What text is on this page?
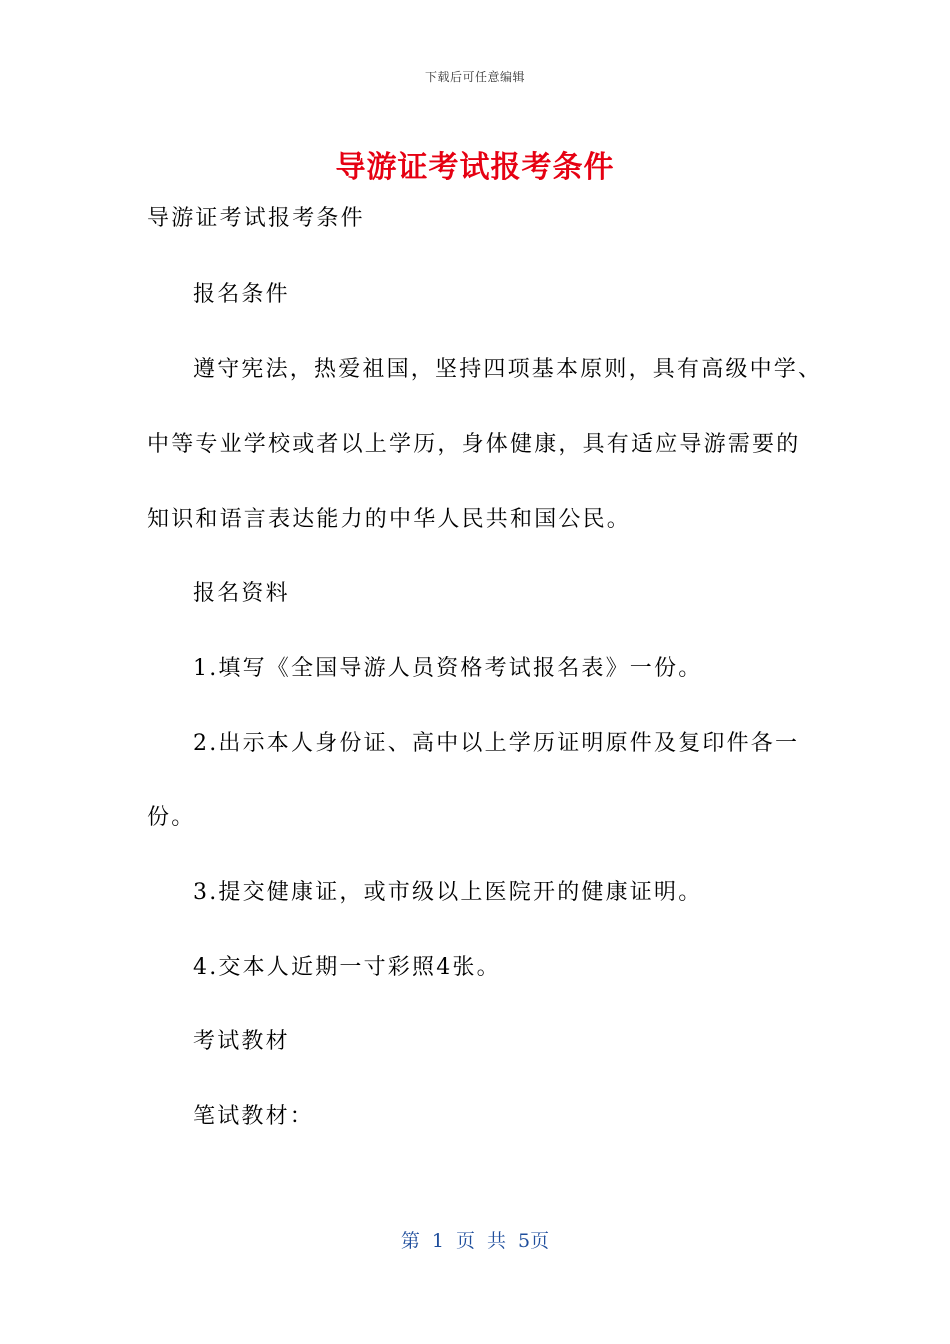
下载后可任意编辑
导游证考试报考条件
导游证考试报考条件
报名条件
遵守宪法，热爱祖国，坚持四项基本原则，具有高级中学、
中等专业学校或者以上学历，身体健康，具有适应导游需要的
知识和语言表达能力的中华人民共和国公民。
报名资料
1.填写《全国导游人员资格考试报名表》一份。
2.出示本人身份证、高中以上学历证明原件及复印件各一
份。
3.提交健康证，或市级以上医院开的健康证明。
4.交本人近期一寸彩照4张。
考试教材
笔试教材：
第 1 页 共 5页
